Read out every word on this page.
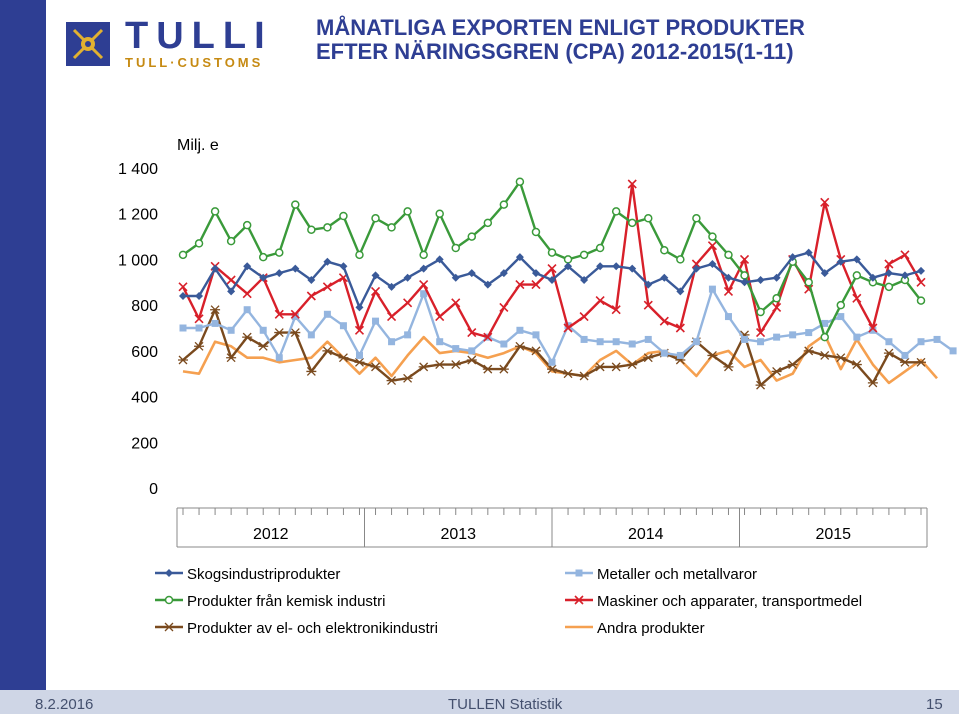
TULLI
TULL·CUSTOMS
MÅNATLIGA EXPORTEN ENLIGT PRODUKTER
EFTER NÄRINGSGREN (CPA) 2012-2015(1-11)
0
200
400
600
800
1 000
1 200
1 400
Milj. e
2012	2013	2014	2015
Skogsindustriprodukter	Metaller och metallvaror
Produkter från kemisk industri	Maskiner och apparater, transportmedel
Produkter av el- och elektronikindustri	Andra produkter
8.2.2016	TULLEN Statistik	15
